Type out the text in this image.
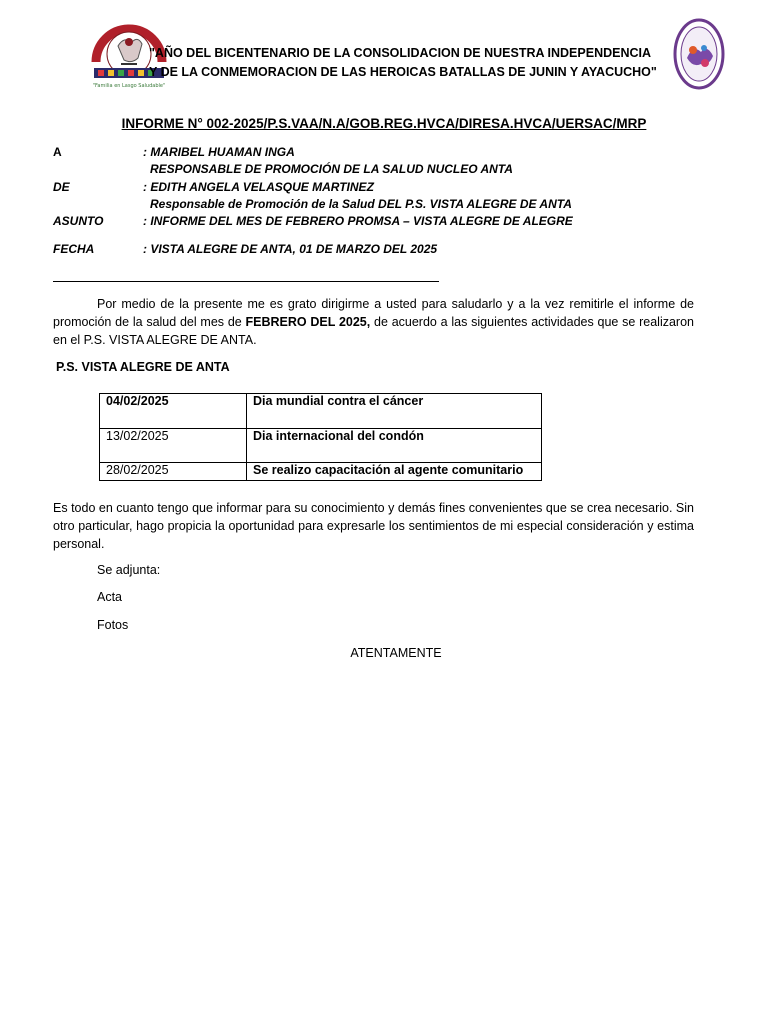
"Familia en Lasgo Saludable"
"AÑO DEL BICENTENARIO DE LA CONSOLIDACION DE NUESTRA INDEPENDENCIA
Y DE LA CONMEMORACION DE LAS HEROICAS BATALLAS DE JUNIN Y AYACUCHO"
INFORME N° 002-2025/P.S.VAA/N.A/GOB.REG.HVCA/DIRESA.HVCA/UERSAC/MRP
A	: MARIBEL HUAMAN INGA
RESPONSABLE DE PROMOCIÓN DE LA SALUD NUCLEO ANTA
DE	: EDITH ANGELA VELASQUE MARTINEZ
Responsable de Promoción de la Salud DEL P.S. VISTA ALEGRE DE ANTA
ASUNTO	: INFORME DEL MES DE FEBRERO PROMSA – VISTA ALEGRE DE ALEGRE
FECHA	: VISTA ALEGRE DE ANTA, 01 DE MARZO DEL 2025
Por medio de la presente me es grato dirigirme a usted para saludarlo y a la vez remitirle el informe de promoción de la salud del mes de FEBRERO DEL 2025, de acuerdo a las siguientes actividades que se realizaron en el P.S. VISTA ALEGRE DE ANTA.
P.S. VISTA ALEGRE DE ANTA
04/02/2025	Dia mundial contra el cáncer
13/02/2025	Dia internacional del condón
28/02/2025	Se realizo capacitación al agente comunitario
Es todo en cuanto tengo que informar para su conocimiento y demás fines convenientes que se crea necesario. Sin otro particular, hago propicia la oportunidad para expresarle los sentimientos de mi especial consideración y estima personal.
Se adjunta:
Acta
Fotos
ATENTAMENTE
